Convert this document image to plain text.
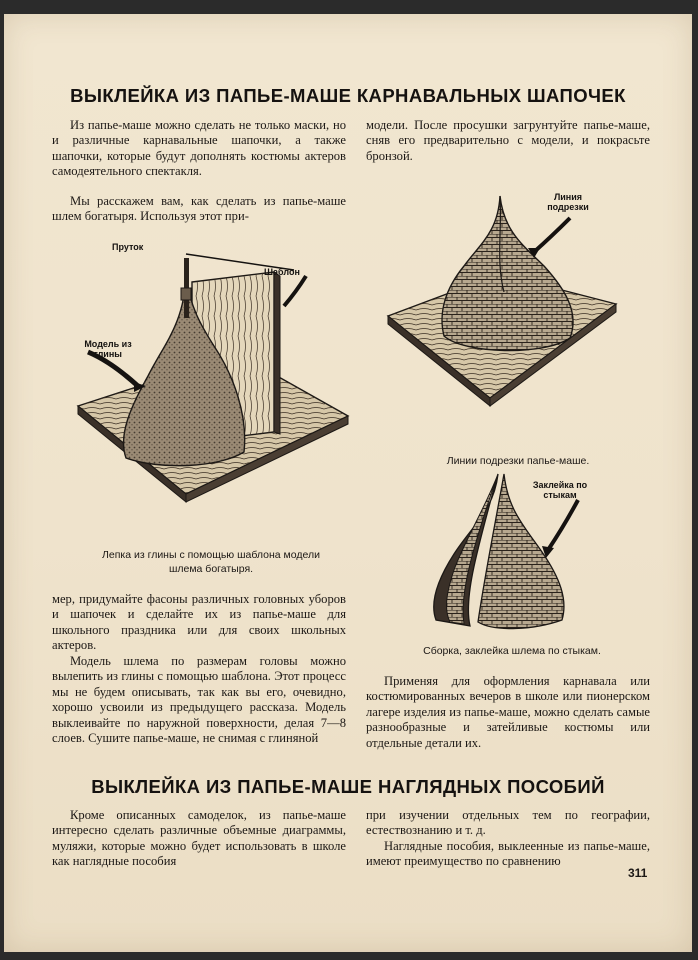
ВЫКЛЕЙКА ИЗ ПАПЬЕ-МАШЕ КАРНАВАЛЬНЫХ ШАПОЧЕК

Из папье-маше можно сделать не только маски, но и различные карнавальные шапочки, а также шапочки, которые будут дополнять костюмы актеров самодеятельного спектакля.

Мы расскажем вам, как сделать из папье-маше шлем богатыря. Используя этот при-

модели. После просушки загрунтуйте папье-маше, сняв его предварительно с модели, и покрасьте бронзой.

Пруток
Шаблон
Модель из глины

Лепка из глины с помощью шаблона модели шлема богатыря.

Линия подрезки

Линии подрезки папье-маше.

Заклейка по стыкам

Сборка, заклейка шлема по стыкам.

мер, придумайте фасоны различных головных уборов и шапочек и сделайте их из папье-маше для школьного праздника или для своих школьных актеров.

Модель шлема по размерам головы можно вылепить из глины с помощью шаблона. Этот процесс мы не будем описывать, так как вы его, очевидно, хорошо усвоили из предыдущего рассказа. Модель выклеивайте по наружной поверхности, делая 7—8 слоев. Сушите папье-маше, не снимая с глиняной

Применяя для оформления карнавала или костюмированных вечеров в школе или пионерском лагере изделия из папье-маше, можно сделать самые разнообразные и затейливые костюмы или отдельные детали их.

ВЫКЛЕЙКА ИЗ ПАПЬЕ-МАШЕ НАГЛЯДНЫХ ПОСОБИЙ

Кроме описанных самоделок, из папье-маше интересно сделать различные объемные диаграммы, муляжи, которые можно будет использовать в школе как наглядные пособия

при изучении отдельных тем по географии, естествознанию и т. д.

Наглядные пособия, выклеенные из папье-маше, имеют преимущество по сравнению

311
